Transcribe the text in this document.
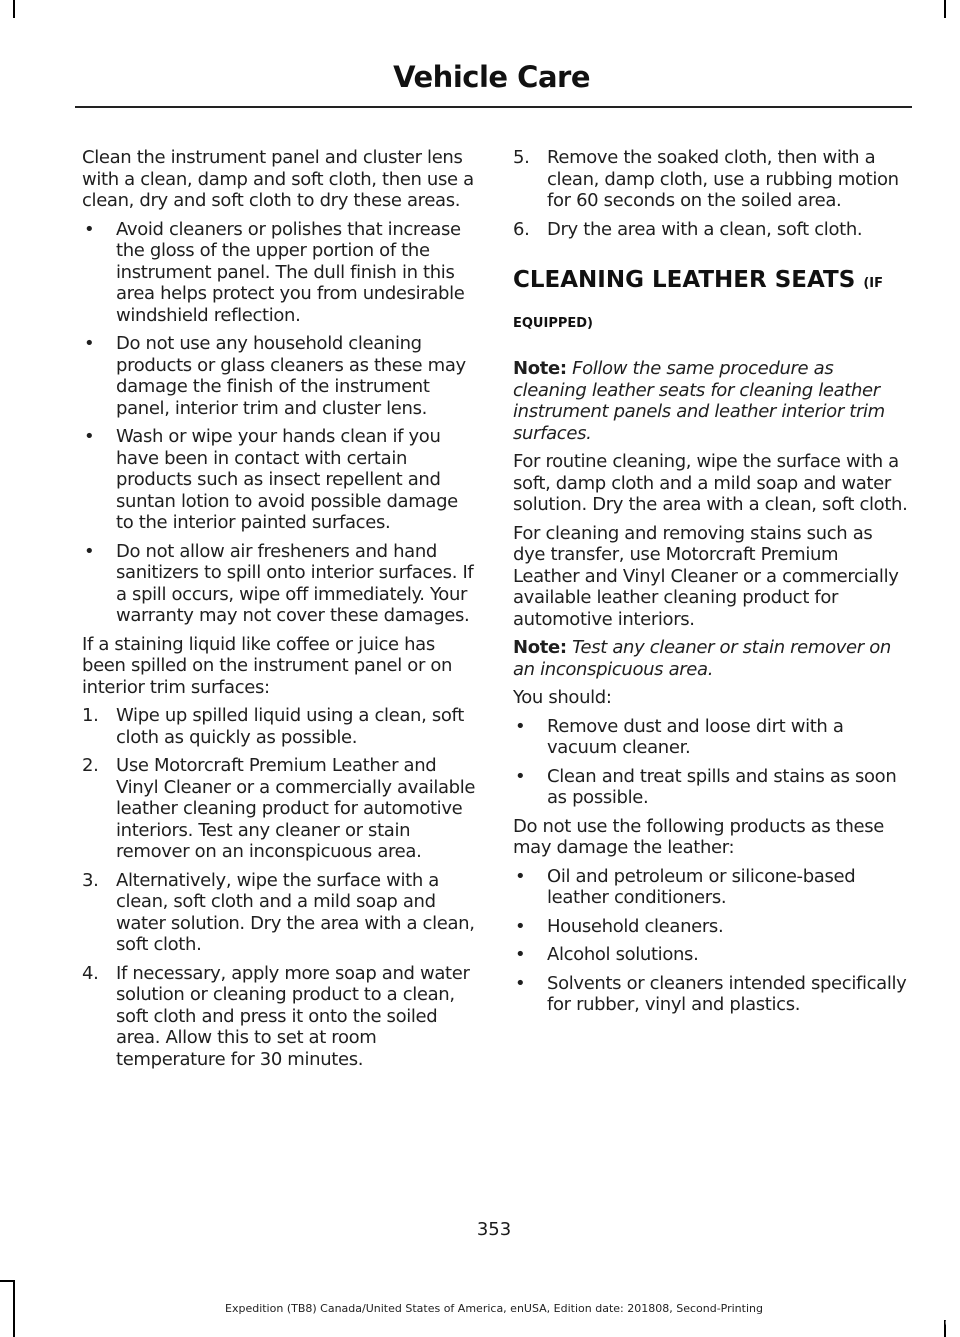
Vehicle Care

Clean the instrument panel and cluster lens with a clean, damp and soft cloth, then use a clean, dry and soft cloth to dry these areas.

• Avoid cleaners or polishes that increase the gloss of the upper portion of the instrument panel. The dull finish in this area helps protect you from undesirable windshield reflection.
• Do not use any household cleaning products or glass cleaners as these may damage the finish of the instrument panel, interior trim and cluster lens.
• Wash or wipe your hands clean if you have been in contact with certain products such as insect repellent and suntan lotion to avoid possible damage to the interior painted surfaces.
• Do not allow air fresheners and hand sanitizers to spill onto interior surfaces. If a spill occurs, wipe off immediately. Your warranty may not cover these damages.

If a staining liquid like coffee or juice has been spilled on the instrument panel or on interior trim surfaces:

1. Wipe up spilled liquid using a clean, soft cloth as quickly as possible.
2. Use Motorcraft Premium Leather and Vinyl Cleaner or a commercially available leather cleaning product for automotive interiors. Test any cleaner or stain remover on an inconspicuous area.
3. Alternatively, wipe the surface with a clean, soft cloth and a mild soap and water solution. Dry the area with a clean, soft cloth.
4. If necessary, apply more soap and water solution or cleaning product to a clean, soft cloth and press it onto the soiled area. Allow this to set at room temperature for 30 minutes.
5. Remove the soaked cloth, then with a clean, damp cloth, use a rubbing motion for 60 seconds on the soiled area.
6. Dry the area with a clean, soft cloth.
CLEANING LEATHER SEATS (IF EQUIPPED)

Note: Follow the same procedure as cleaning leather seats for cleaning leather instrument panels and leather interior trim surfaces.

For routine cleaning, wipe the surface with a soft, damp cloth and a mild soap and water solution. Dry the area with a clean, soft cloth.

For cleaning and removing stains such as dye transfer, use Motorcraft Premium Leather and Vinyl Cleaner or a commercially available leather cleaning product for automotive interiors.

Note: Test any cleaner or stain remover on an inconspicuous area.

You should:

• Remove dust and loose dirt with a vacuum cleaner.
• Clean and treat spills and stains as soon as possible.

Do not use the following products as these may damage the leather:

• Oil and petroleum or silicone-based leather conditioners.
• Household cleaners.
• Alcohol solutions.
• Solvents or cleaners intended specifically for rubber, vinyl and plastics.
353
Expedition (TB8) Canada/United States of America, enUSA, Edition date: 201808, Second-Printing
carmanualsonline.info
